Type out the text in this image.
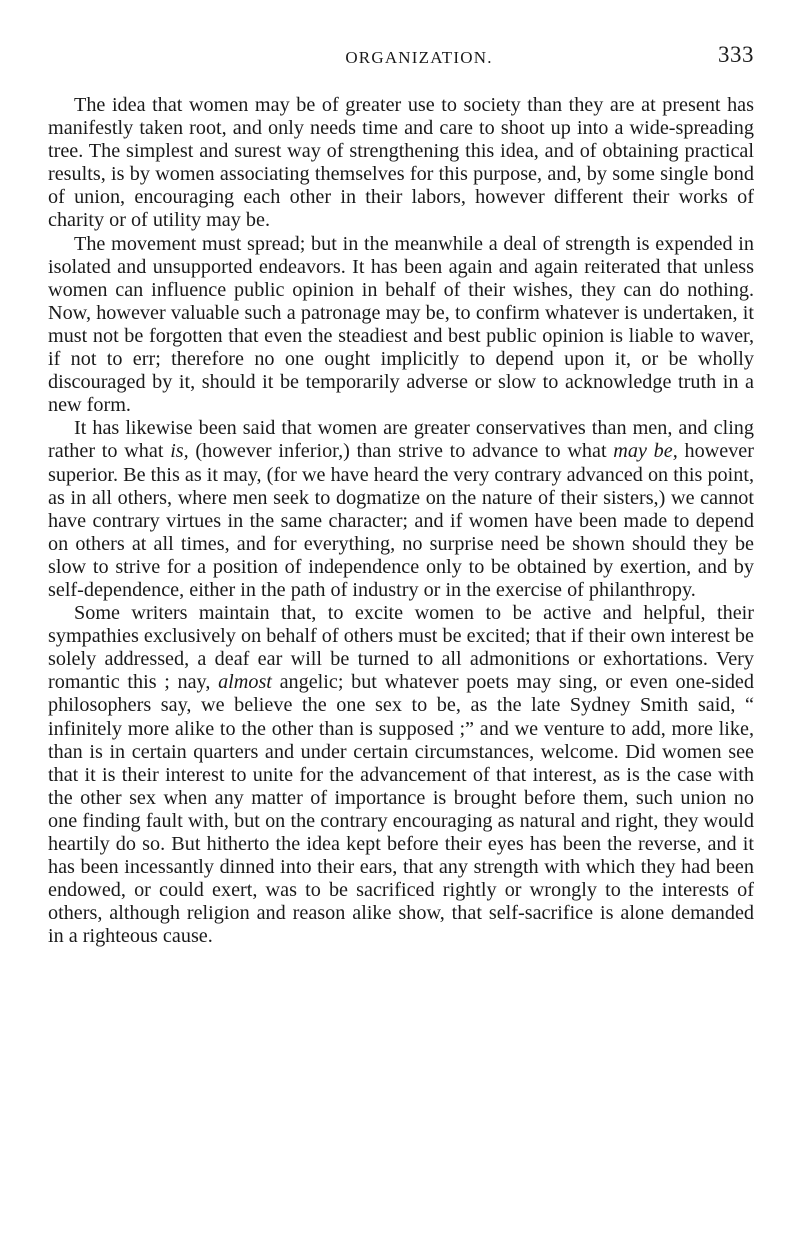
ORGANIZATION.	333

The idea that women may be of greater use to society than they are at present has manifestly taken root, and only needs time and care to shoot up into a wide-spreading tree. The simplest and surest way of strengthening this idea, and of obtaining practical results, is by women associating themselves for this purpose, and, by some single bond of union, encouraging each other in their labors, however different their works of charity or of utility may be.

The movement must spread; but in the meanwhile a deal of strength is expended in isolated and unsupported endeavors. It has been again and again reiterated that unless women can influence public opinion in behalf of their wishes, they can do nothing. Now, however valuable such a patronage may be, to confirm whatever is undertaken, it must not be forgotten that even the steadiest and best public opinion is liable to waver, if not to err; therefore no one ought implicitly to depend upon it, or be wholly discouraged by it, should it be temporarily adverse or slow to acknowledge truth in a new form.

It has likewise been said that women are greater conservatives than men, and cling rather to what is, (however inferior,) than strive to advance to what may be, however superior. Be this as it may, (for we have heard the very contrary advanced on this point, as in all others, where men seek to dogmatize on the nature of their sisters,) we cannot have contrary virtues in the same character; and if women have been made to depend on others at all times, and for everything, no surprise need be shown should they be slow to strive for a position of independence only to be obtained by exertion, and by self-dependence, either in the path of industry or in the exercise of philanthropy.

Some writers maintain that, to excite women to be active and helpful, their sympathies exclusively on behalf of others must be excited; that if their own interest be solely addressed, a deaf ear will be turned to all admonitions or exhortations. Very romantic this ; nay, almost angelic; but whatever poets may sing, or even one-sided philosophers say, we believe the one sex to be, as the late Sydney Smith said, “ infinitely more alike to the other than is supposed ;” and we venture to add, more like, than is in certain quarters and under certain circumstances, welcome. Did women see that it is their interest to unite for the advancement of that interest, as is the case with the other sex when any matter of importance is brought before them, such union no one finding fault with, but on the contrary encouraging as natural and right, they would heartily do so. But hitherto the idea kept before their eyes has been the reverse, and it has been incessantly dinned into their ears, that any strength with which they had been endowed, or could exert, was to be sacrificed rightly or wrongly to the interests of others, although religion and reason alike show, that self-sacrifice is alone demanded in a righteous cause.
